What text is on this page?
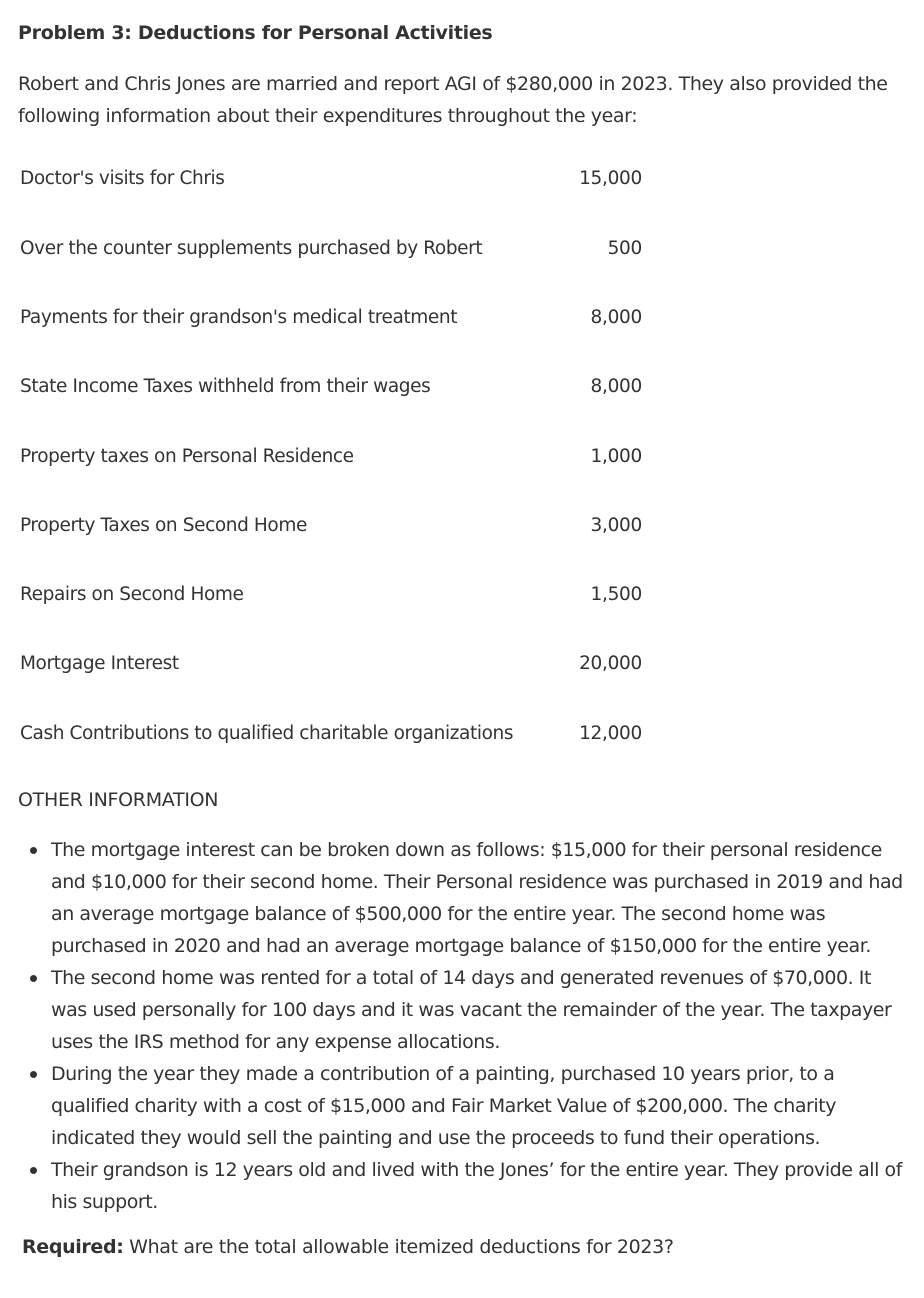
Problem 3: Deductions for Personal Activities
Robert and Chris Jones are married and report AGI of $280,000 in 2023. They also provided the following information about their expenditures throughout the year:
Doctor's visits for Chris	15,000
Over the counter supplements purchased by Robert	500
Payments for their grandson's medical treatment	8,000
State Income Taxes withheld from their wages	8,000
Property taxes on Personal Residence	1,000
Property Taxes on Second Home	3,000
Repairs on Second Home	1,500
Mortgage Interest	20,000
Cash Contributions to qualified charitable organizations	12,000
OTHER INFORMATION
The mortgage interest can be broken down as follows: $15,000 for their personal residence and $10,000 for their second home. Their Personal residence was purchased in 2019 and had an average mortgage balance of $500,000 for the entire year. The second home was purchased in 2020 and had an average mortgage balance of $150,000 for the entire year.
The second home was rented for a total of 14 days and generated revenues of $70,000. It was used personally for 100 days and it was vacant the remainder of the year. The taxpayer uses the IRS method for any expense allocations.
During the year they made a contribution of a painting, purchased 10 years prior, to a qualified charity with a cost of $15,000 and Fair Market Value of $200,000. The charity indicated they would sell the painting and use the proceeds to fund their operations.
Their grandson is 12 years old and lived with the Jones’ for the entire year. They provide all of his support.
Required: What are the total allowable itemized deductions for 2023?
